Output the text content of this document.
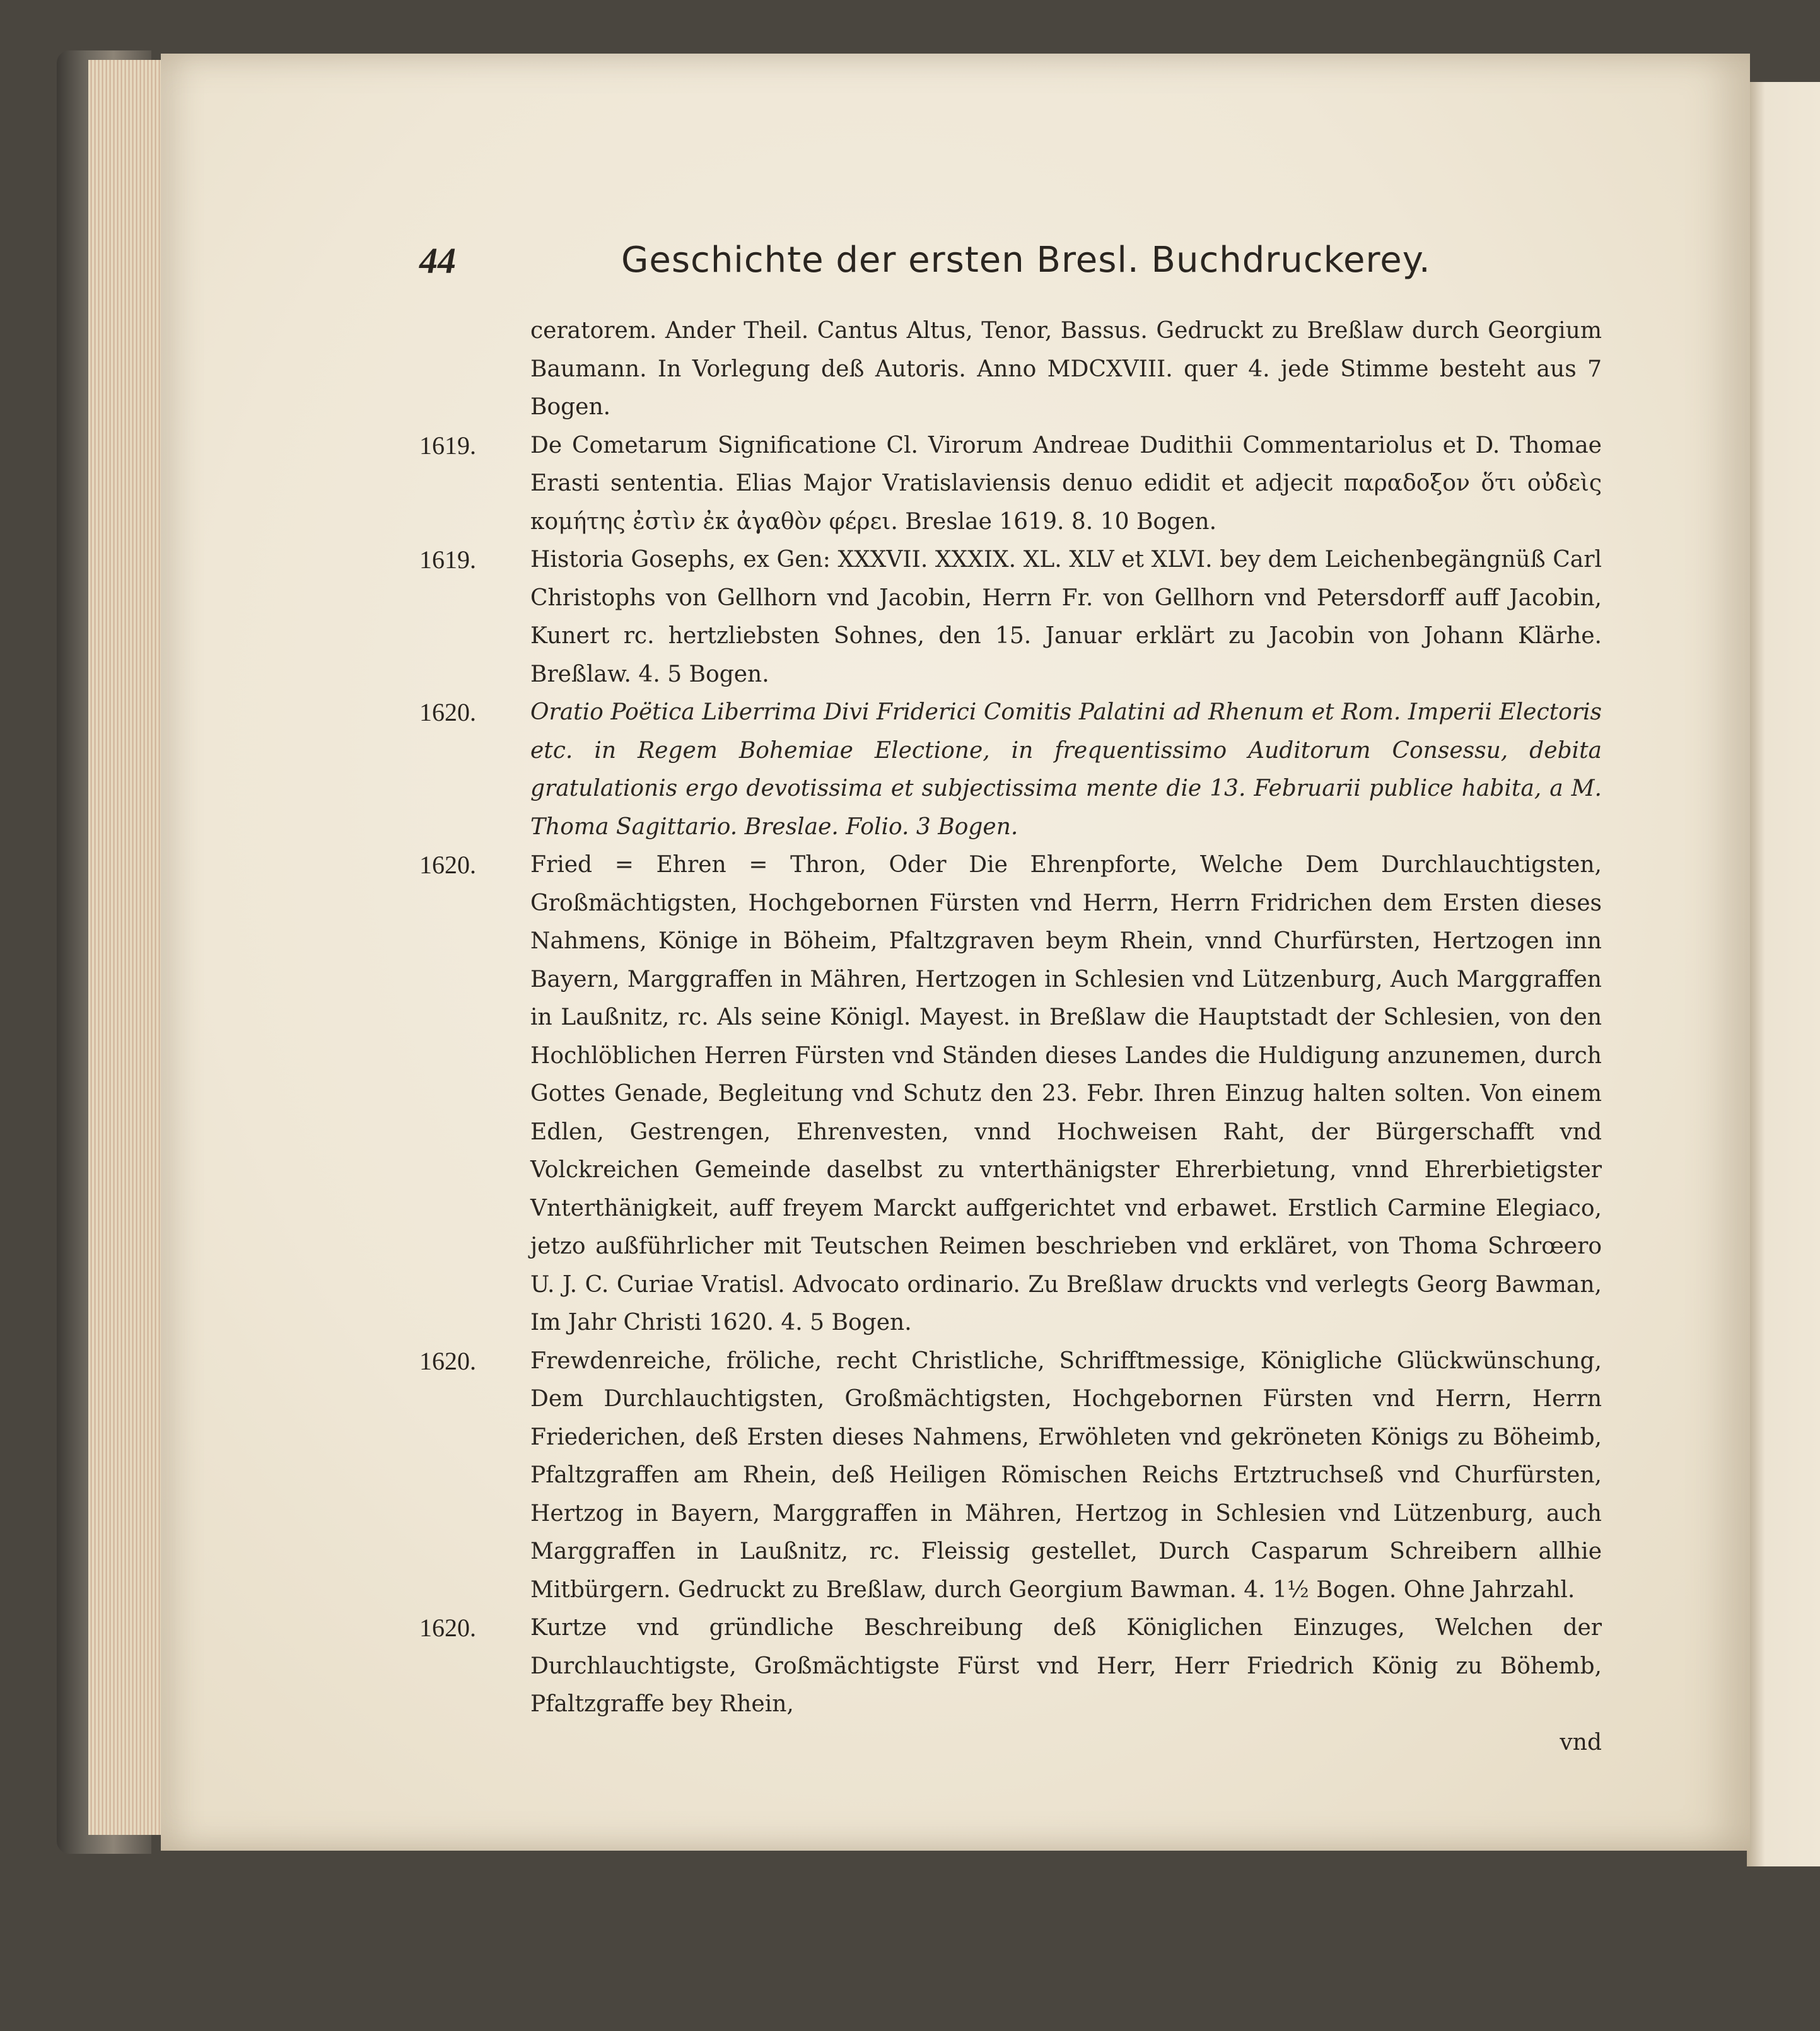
44	Geschichte der ersten Bresl. Buchdruckerey.
ceratorem. Ander Theil. Cantus Altus, Tenor, Bassus. Gedruckt zu Breßlaw durch Georgium Baumann. In Vorlegung deß Autoris. Anno MDCXVIII. quer 4. jede Stimme besteht aus 7 Bogen.
1619. De Cometarum Significatione Cl. Virorum Andreae Dudithii Commentariolus et D. Thomae Erasti sententia. Elias Major Vratislaviensis denuo edidit et adjecit παραδοξον ὅτι οὐδεὶς κομήτης ἐστὶν ἐκ ἀγαθὸν φέρει. Breslae 1619. 8. 10 Bogen.
1619. Historia Gosephs, ex Gen: XXXVII. XXXIX. XL. XLV et XLVI. bey dem Leichenbegängnüß Carl Christophs von Gellhorn vnd Jacobin, Herrn Fr. von Gellhorn vnd Petersdorff auff Jacobin, Kunert rc. hertzliebsten Sohnes, den 15. Januar erklärt zu Jacobin von Johann Klärhe. Breßlaw. 4. 5 Bogen.
1620. Oratio Poëtica Liberrima Divi Friderici Comitis Palatini ad Rhenum et Rom. Imperii Electoris etc. in Regem Bohemiae Electione, in frequentissimo Auditorum Consessu, debita gratulationis ergo devotissima et subjectissima mente die 13. Februarii publice habita, a M. Thoma Sagittario. Breslae. Folio. 3 Bogen.
1620. Fried = Ehren = Thron, Oder Die Ehrenpforte, Welche Dem Durchlauchtigsten, Großmächtigsten, Hochgebornen Fürsten vnd Herrn, Herrn Fridrichen dem Ersten dieses Nahmens, Könige in Böheim, Pfaltzgraven beym Rhein, vnnd Churfürsten, Hertzogen inn Bayern, Marggraffen in Mähren, Hertzogen in Schlesien vnd Lützenburg, Auch Marggraffen in Laußnitz, rc. Als seine Königl. Mayest. in Breßlaw die Hauptstadt der Schlesien, von den Hochlöblichen Herren Fürsten vnd Ständen dieses Landes die Huldigung anzunemen, durch Gottes Genade, Begleitung vnd Schutz den 23. Febr. Ihren Einzug halten solten. Von einem Edlen, Gestrengen, Ehrenvesten, vnnd Hochweisen Raht, der Bürgerschafft vnd Volckreichen Gemeinde daselbst zu vnterthänigster Ehrerbietung, vnnd Ehrerbietigster Vnterthänigkeit, auff freyem Marckt auffgerichtet vnd erbawet. Erstlich Carmine Elegiaco, jetzo außführlicher mit Teutschen Reimen beschrieben vnd erkläret, von Thoma Schrœero U. J. C. Curiae Vratisl. Advocato ordinario. Zu Breßlaw druckts vnd verlegts Georg Bawman, Im Jahr Christi 1620. 4. 5 Bogen.
1620. Frewdenreiche, fröliche, recht Christliche, Schrifftmessige, Königliche Glückwünschung, Dem Durchlauchtigsten, Großmächtigsten, Hochgebornen Fürsten vnd Herrn, Herrn Friederichen, deß Ersten dieses Nahmens, Erwöhleten vnd gekröneten Königs zu Böheimb, Pfaltzgraffen am Rhein, deß Heiligen Römischen Reichs Ertztruchseß vnd Churfürsten, Hertzog in Bayern, Marggraffen in Mähren, Hertzog in Schlesien vnd Lützenburg, auch Marggraffen in Laußnitz, rc. Fleissig gestellet, Durch Casparum Schreibern allhie Mitbürgern. Gedruckt zu Breßlaw, durch Georgium Bawman. 4. 1½ Bogen. Ohne Jahrzahl.
1620. Kurtze vnd gründliche Beschreibung deß Königlichen Einzuges, Welchen der Durchlauchtigste, Großmächtigste Fürst vnd Herr, Herr Friedrich König zu Böhemb, Pfaltzgraffe bey Rhein,
vnd
